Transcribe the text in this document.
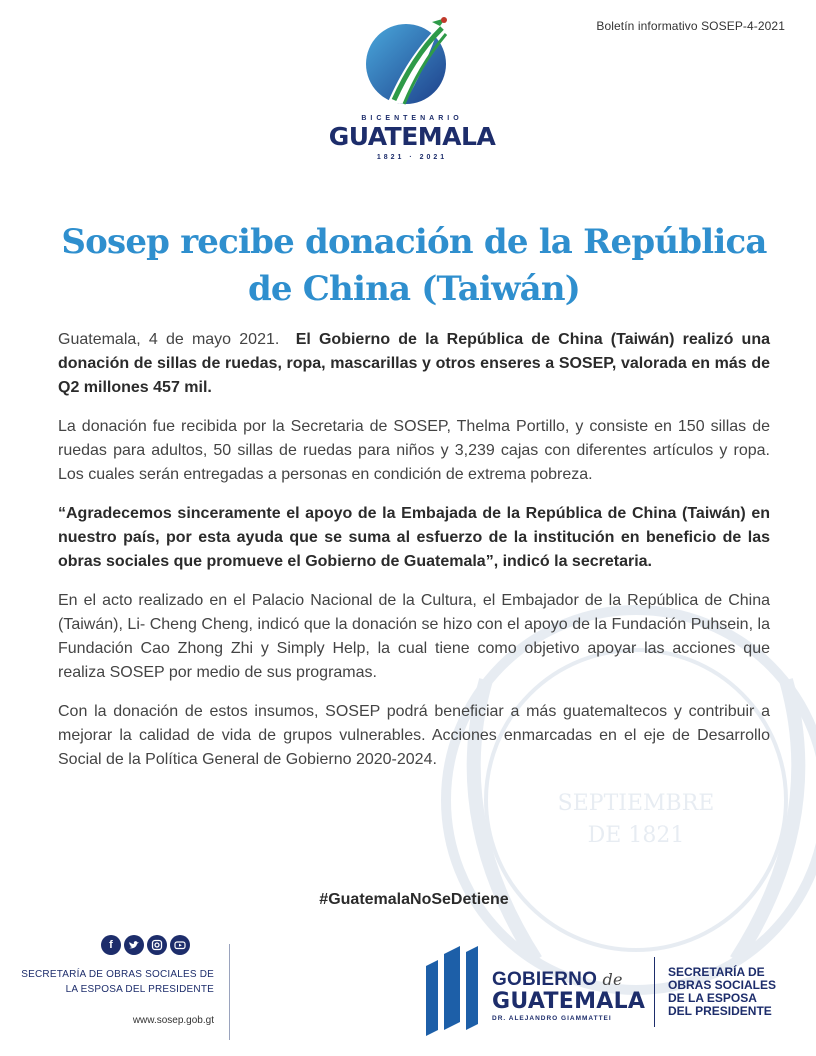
SEPTIEMBRE
DE 1821
Boletín informativo SOSEP-4-2021
BICENTENARIO
GUATEMALA
1821 · 2021
Sosep recibe donación de la República de China (Taiwán)

Guatemala, 4 de mayo 2021. El Gobierno de la República de China (Taiwán) realizó una donación de sillas de ruedas, ropa, mascarillas y otros enseres a SOSEP, valorada en más de Q2 millones 457 mil.

La donación fue recibida por la Secretaria de SOSEP, Thelma Portillo, y consiste en 150 sillas de ruedas para adultos, 50 sillas de ruedas para niños y 3,239 cajas con diferentes artículos y ropa. Los cuales serán entregadas a personas en condición de extrema pobreza.

“Agradecemos sinceramente el apoyo de la Embajada de la República de China (Taiwán) en nuestro país, por esta ayuda que se suma al esfuerzo de la institución en beneficio de las obras sociales que promueve el Gobierno de Guatemala”, indicó la secretaria.

En el acto realizado en el Palacio Nacional de la Cultura, el Embajador de la República de China (Taiwán), Li- Cheng Cheng, indicó que la donación se hizo con el apoyo de la Fundación Puhsein, la Fundación Cao Zhong Zhi y Simply Help, la cual tiene como objetivo apoyar las acciones que realiza SOSEP por medio de sus programas.

Con la donación de estos insumos, SOSEP podrá beneficiar a más guatemaltecos y contribuir a mejorar la calidad de vida de grupos vulnerables. Acciones enmarcadas en el eje de Desarrollo Social de la Política General de Gobierno 2020-2024.

#GuatemalaNoSeDetiene
f
SECRETARÍA DE OBRAS SOCIALES DE
LA ESPOSA DEL PRESIDENTE
www.sosep.gob.gt
GOBIERNO de
GUATEMALA
DR. ALEJANDRO GIAMMATTEI
SECRETARÍA DE
OBRAS SOCIALES
DE LA ESPOSA
DEL PRESIDENTE
